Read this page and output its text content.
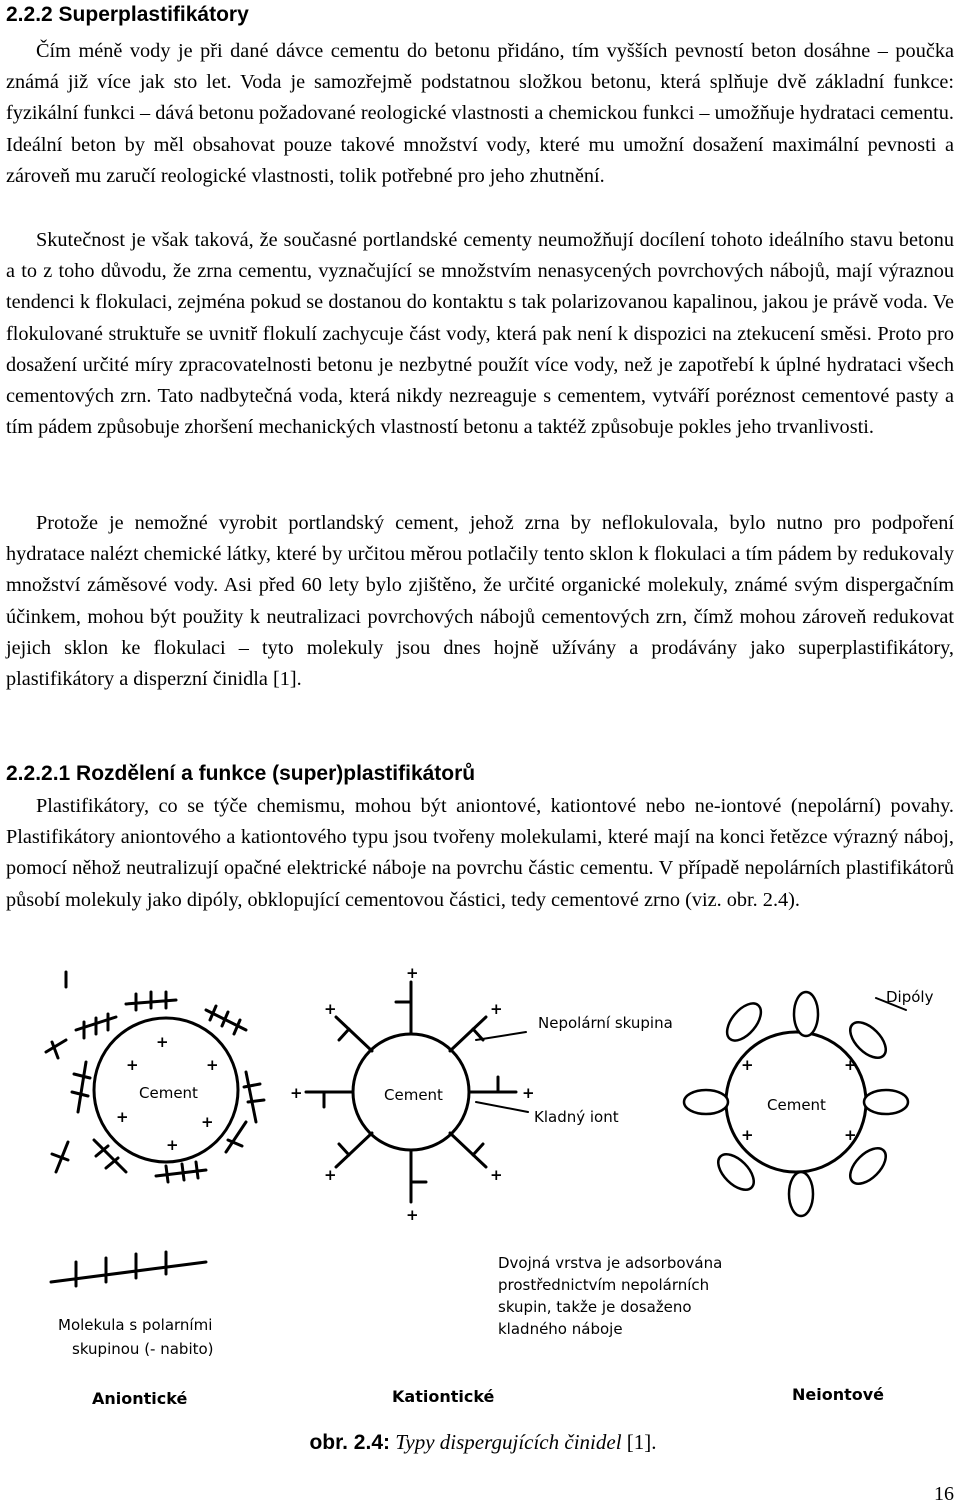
2.2.2 Superplastifikátory

Čím méně vody je při dané dávce cementu do betonu přidáno, tím vyšších pevností beton dosáhne – poučka známá již více jak sto let. Voda je samozřejmě podstatnou složkou betonu, která splňuje dvě základní funkce: fyzikální funkci – dává betonu požadované reologické vlastnosti a chemickou funkci – umožňuje hydrataci cementu. Ideální beton by měl obsahovat pouze takové množství vody, které mu umožní dosažení maximální pevnosti a zároveň mu zaručí reologické vlastnosti, tolik potřebné pro jeho zhutnění.

Skutečnost je však taková, že současné portlandské cementy neumožňují docílení tohoto ideálního stavu betonu a to z toho důvodu, že zrna cementu, vyznačující se množstvím nenasycených povrchových nábojů, mají výraznou tendenci k flokulaci, zejména pokud se dostanou do kontaktu s tak polarizovanou kapalinou, jakou je právě voda. Ve flokulované struktuře se uvnitř flokulí zachycuje část vody, která pak není k dispozici na ztekucení směsi. Proto pro dosažení určité míry zpracovatelnosti betonu je nezbytné použít více vody, než je zapotřebí k úplné hydrataci všech cementových zrn. Tato nadbytečná voda, která nikdy nezreaguje s cementem, vytváří poréznost cementové pasty a tím pádem způsobuje zhoršení mechanických vlastností betonu a taktéž způsobuje pokles jeho trvanlivosti.

Protože je nemožné vyrobit portlandský cement, jehož zrna by neflokulovala, bylo nutno pro podpoření hydratace nalézt chemické látky, které by určitou měrou potlačily tento sklon k flokulaci a tím pádem by redukovaly množství záměsové vody. Asi před 60 lety bylo zjištěno, že určité organické molekuly, známé svým dispergačním účinkem, mohou být použity k neutralizaci povrchových nábojů cementových zrn, čímž mohou zároveň redukovat jejich sklon ke flokulaci – tyto molekuly jsou dnes hojně užívány a prodávány jako superplastifikátory, plastifikátory a disperzní činidla [1].

2.2.2.1 Rozdělení a funkce (super)plastifikátorů

Plastifikátory, co se týče chemismu, mohou být aniontové, kationtové nebo ne-iontové (nepolární) povahy. Plastifikátory aniontového a kationtového typu jsou tvořeny molekulami, které mají na konci řetězce výrazný náboj, pomocí něhož neutralizují opačné elektrické náboje na povrchu částic cementu. V případě nepolárních plastifikátorů působí molekuly jako dipóly, obklopující cementovou částici, tedy cementové zrno (viz. obr. 2.4).

+	+
+	+
+
+
+
+
+	+
+	+
+	+
+	+
+	+
Cement	Cement
Cement
Molekula s polarními
skupinou (- nabito)
Nepolární skupina
Kladný iont
Dvojná vrstva je adsorbována
prostřednictvím nepolárních
skupin, takže je dosaženo
kladného náboje
Dipóly
Aniontické	Kationtické	Neiontové
obr. 2.4: Typy dispergujících činidel [1].
16
